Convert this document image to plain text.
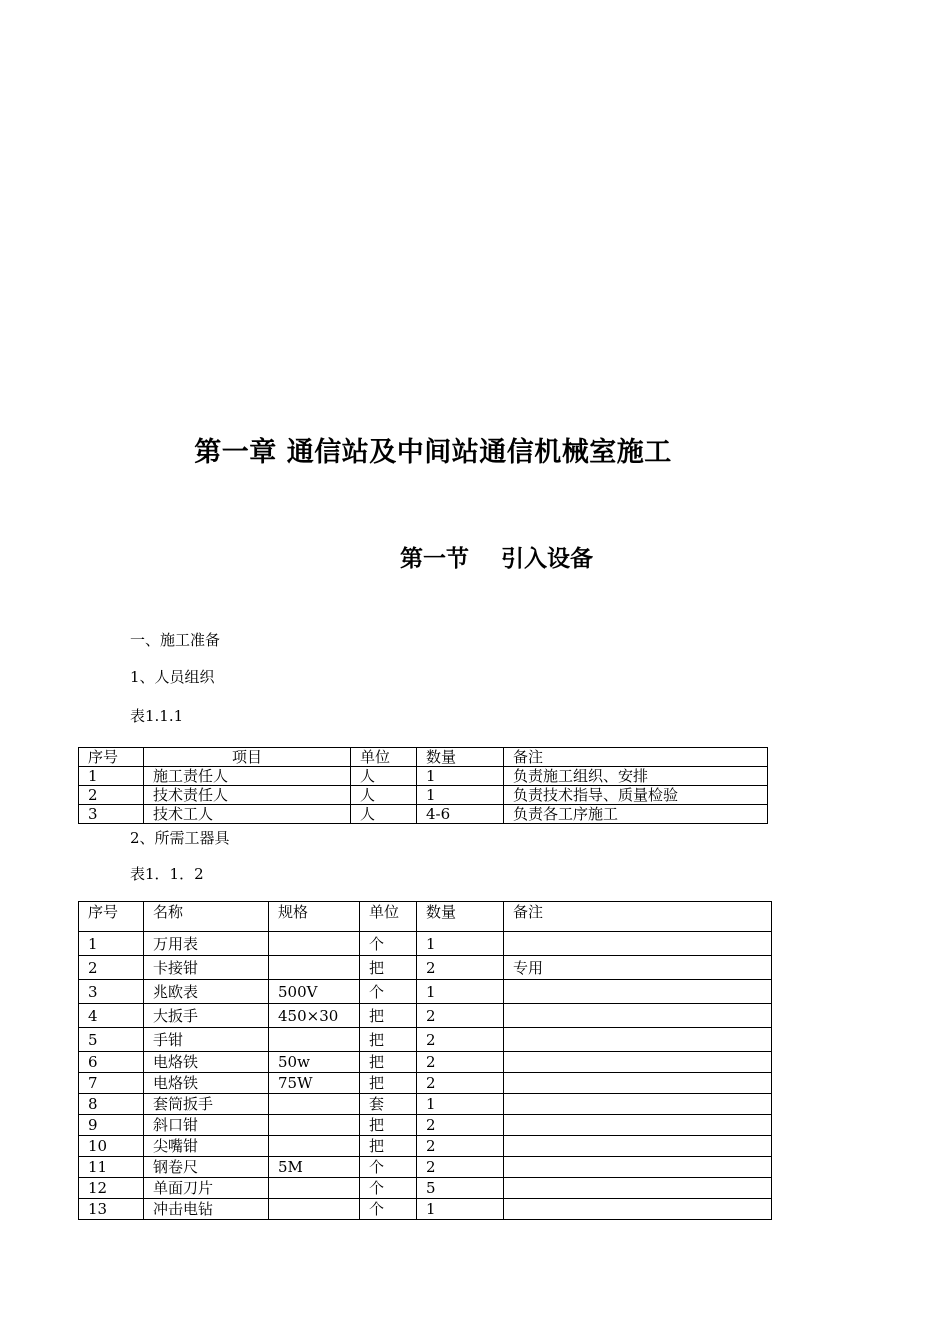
第一章 通信站及中间站通信机械室施工
第一节    引入设备
一、施工准备
1、人员组织
表1.1.1
序号	项目	单位	数量	备注
1	施工责任人	人	1	负责施工组织、安排
2	技术责任人	人	1	负责技术指导、质量检验
3	技术工人	人	4-6	负责各工序施工
2、所需工器具
表1．1．2
序号	名称	规格	单位	数量	备注
1	万用表		个	1	
2	卡接钳		把	2	专用
3	兆欧表	500V	个	1	
4	大扳手	450×30	把	2	
5	手钳		把	2	
6	电烙铁	50w	把	2	
7	电烙铁	75W	把	2	
8	套筒扳手		套	1	
9	斜口钳		把	2	
10	尖嘴钳		把	2	
11	钢卷尺	5M	个	2	
12	单面刀片		个	5	
13	冲击电钻		个	1	
